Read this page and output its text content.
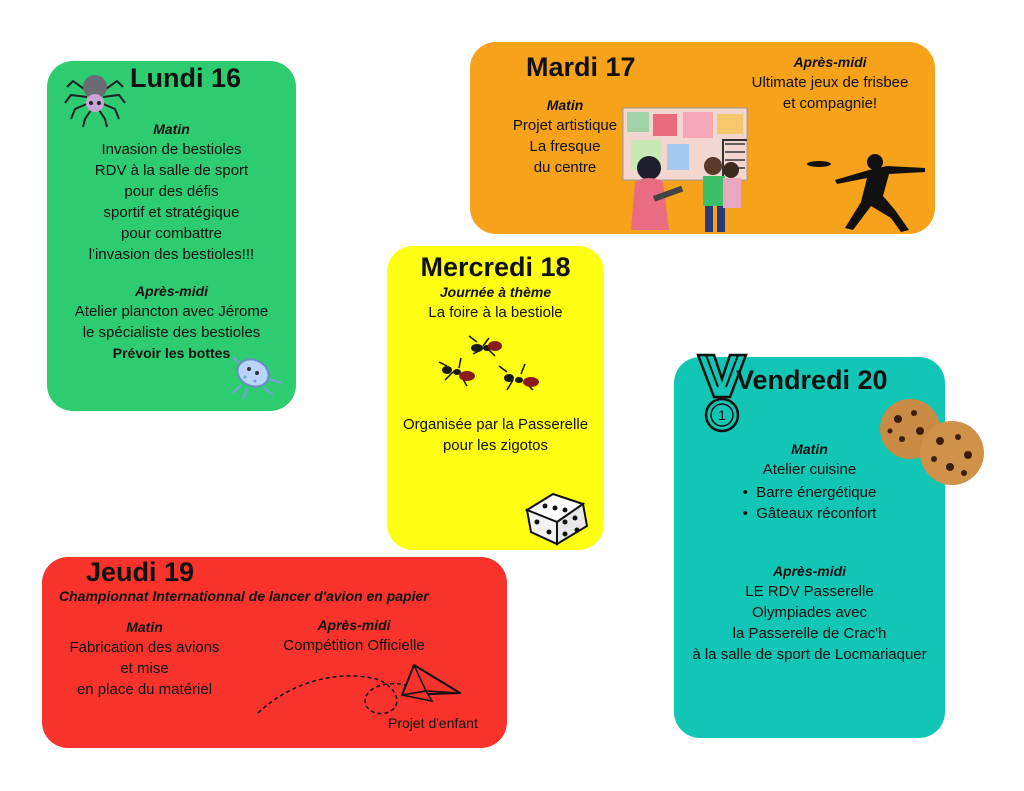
Lundi 16
Matin
Invasion de bestioles
RDV à la salle de sport
pour des défis
sportif et stratégique
pour combattre
l'invasion des bestioles!!!
Après-midi
Atelier plancton avec Jérome
le spécialiste des bestioles
Prévoir les bottes
Mardi 17
Matin
Projet artistique
La fresque
du centre
Après-midi
Ultimate jeux de frisbee
et compagnie!
Mercredi 18
Journée à thème
La foire à la bestiole
Organisée par la Passerelle
pour les zigotos
1
Vendredi 20
Matin
Atelier cuisine
•  Barre énergétique
•  Gâteaux réconfort
Après-midi
LE RDV Passerelle
Olympiades avec
la Passerelle de Crac'h
à la salle de sport de Locmariaquer
Jeudi 19
Championnat Internationnal de lancer d'avion en papier
Matin
Fabrication des avions
et mise
en place du matériel
Après-midi
Compétition Officielle
Projet d'enfant
